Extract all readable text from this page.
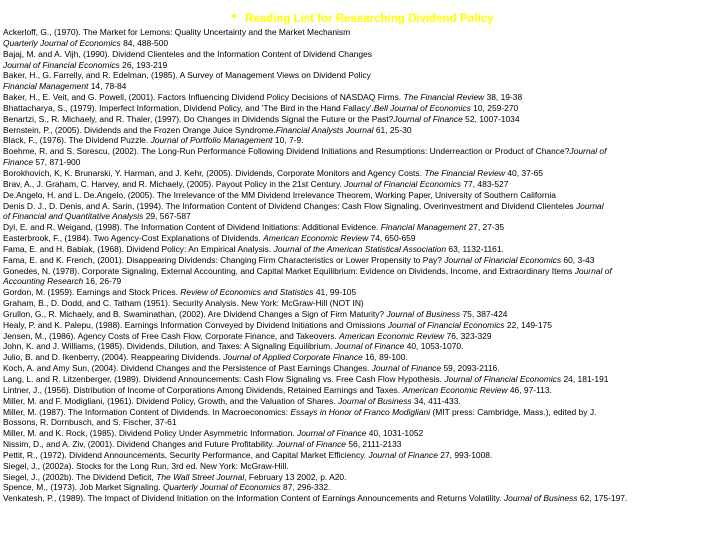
Reading List for Researching Dividend Policy
Ackerloff, G., (1970). The Market for Lemons: Quality Uncertainty and the Market Mechanism
Quarterly Journal of Economics 84, 488-500
Bajaj, M. and A. Vijh, (1990). Dividend Clienteles and the Information Content of Dividend Changes
Journal of Financial Economics 26, 193-219
Baker, H., G. Farrelly, and R. Edelman, (1985). A Survey of Management Views on Dividend Policy
Financial Management 14, 78-84
Baker, H., E. Veit, and G. Powell, (2001). Factors Influencing Dividend Policy Decisions of NASDAQ Firms. The Financial Review 38, 19-38
Bhattacharya, S., (1979). Imperfect Information, Dividend Policy, and 'The Bird in the Hand Fallacy'.Bell Journal of Economics 10, 259-270
Benartzi, S., R. Michaely, and R. Thaler, (1997). Do Changes in Dividends Signal the Future or the Past?Journal of Finance 52, 1007-1034
Bernstein, P., (2005). Dividends and the Frozen Orange Juice Syndrome.Financial Analysts Journal 61, 25-30
Black, F., (1976). The Dividend Puzzle. Journal of Portfolio Management 10, 7-9.
Boehme, R. and S. Sorescu, (2002). The Long-Run Performance Following Dividend Initiations and Resumptions: Underreaction or Product of Chance?Journal of
Finance 57, 871-900
Borokhovich, K, K. Brunarski, Y. Harman, and J. Kehr, (2005). Dividends, Corporate Monitors and Agency Costs. The Financial Review 40, 37-65
Brav, A., J. Graham, C. Harvey, and R. Michaely, (2005). Payout Policy in the 21st Century. Journal of Financial Economics 77, 483-527
De.Angelo, H. and L. De.Angelo, (2005). The Irrelevance of the MM Dividend Irrelevance Theorem, Working Paper, University of Southern California
Denis D. J., D. Denis, and A. Sarin, (1994). The Information Content of Dividend Changes: Cash Flow Signaling, Overinvestment and Dividend Clienteles Journal
of Financial and Quantitative Analysis 29, 567-587
Dyl, E. and R. Weigand, (1998). The Information Content of Dividend Initiations: Additional Evidence. Financial Management 27, 27-35
Easterbrook, F., (1984). Two Agency-Cost Explanations of Dividends. American Economic Review 74, 650-659
Fama, E. and H. Babiak, (1968). Dividend Policy: An Empirical Analysis. Journal of the American Statistical Association 63, 1132-1161.
Fama, E. and K. French, (2001). Disappearing Dividends: Changing Firm Characteristics or Lower Propensity to Pay? Journal of Financial Economics 60, 3-43
Gonedes, N. (1978). Corporate Signaling, External Accounting, and Capital Market Equilibrium: Evidence on Dividends, Income, and Extraordinary Items Journal of
Accounting Research 16, 26-79
Gordon, M. (1959). Earnings and Stock Prices. Review of Economics and Statistics 41, 99-105
Graham, B., D. Dodd, and C. Tatham (1951). Security Analysis. New York: McGraw-Hill (NOT IN)
Grullon, G., R. Michaely, and B. Swaminathan, (2002). Are Dividend Changes a Sign of Firm Maturity? Journal of Business 75, 387-424
Healy, P. and K. Palepu, (1988). Earnings Information Conveyed by Dividend Initiations and Omissions Journal of Financial Economics 22, 149-175
Jensen, M., (1986). Agency Costs of Free Cash Flow, Corporate Finance, and Takeovers. American Economic Review 76, 323-329
John, K. and J. Williams, (1985). Dividends, Dilution, and Taxes: A Signaling Equilibrium. Journal of Finance 40, 1053-1070.
Julio, B. and D. Ikenberry, (2004). Reappearing Dividends. Journal of Applied Corporate Finance 16, 89-100.
Koch, A. and Amy Sun, (2004). Dividend Changes and the Persistence of Past Earnings Changes. Journal of Finance 59, 2093-2116.
Lang, L. and R. Litzenberger, (1989). Dividend Announcements: Cash Flow Signaling vs. Free Cash Flow Hypothesis. Journal of Financial Economics 24, 181-191
Lintner, J., (1956). Distribution of Income of Corporations Among Dividends, Retained Earnings and Taxes. American Economic Review 46, 97-113.
Miller, M. and F. Modigliani, (1961). Dividend Policy, Growth, and the Valuation of Shares. Journal of Business 34, 411-433.
Miller, M. (1987). The Information Content of Dividends. In Macroeconomics: Essays in Honor of Franco Modigliani (MIT press: Cambridge, Mass.), edited by J.
Bossons, R. Dornbusch, and S. Fischer, 37-61
Miller, M. and K. Rock, (1985). Dividend Policy Under Asymmetric Information. Journal of Finance 40, 1031-1052
Nissim, D., and A. Ziv, (2001). Dividend Changes and Future Profitability. Journal of Finance 56, 2111-2133
Pettit, R., (1972). Dividend Announcements, Security Performance, and Capital Market Efficiency. Journal of Finance 27, 993-1008.
Siegel, J., (2002a). Stocks for the Long Run, 3rd ed. New York: McGraw-Hill.
Siegel, J., (2002b). The Dividend Deficit, The Wall Street Journal, February 13 2002, p. A20.
Spence, M., (1973). Job Market Signaling. Quarterly Journal of Economics 87, 296-332.
Venkatesh, P., (1989). The Impact of Dividend Initiation on the Information Content of Earnings Announcements and Returns Volatility. Journal of Business 62, 175-197.
